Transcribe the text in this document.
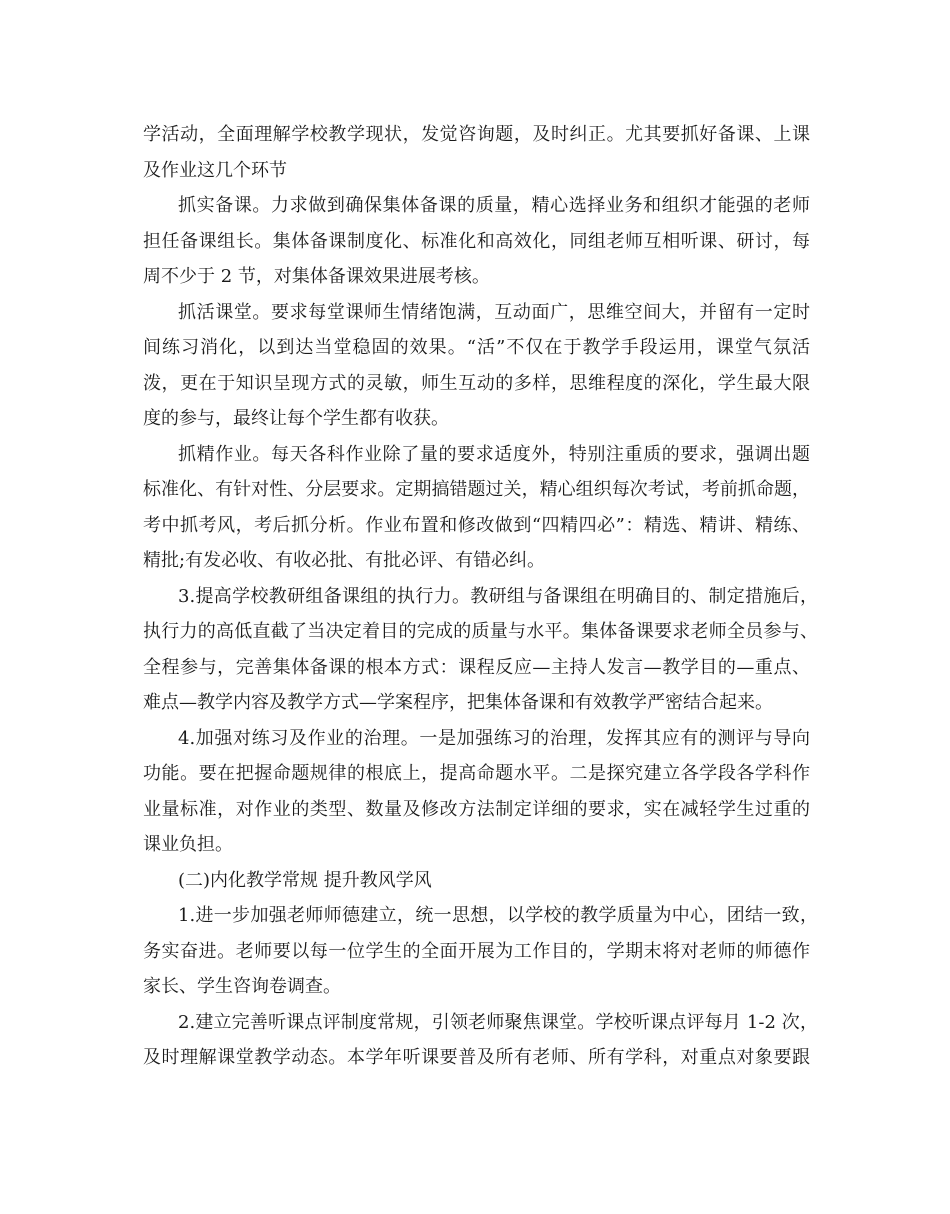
学活动，全面理解学校教学现状，发觉咨询题，及时纠正。尤其要抓好备课、上课
及作业这几个环节
抓实备课。力求做到确保集体备课的质量，精心选择业务和组织才能强的老师
担任备课组长。集体备课制度化、标准化和高效化，同组老师互相听课、研讨，每
周不少于 2 节，对集体备课效果进展考核。
抓活课堂。要求每堂课师生情绪饱满，互动面广，思维空间大，并留有一定时
间练习消化，以到达当堂稳固的效果。“活”不仅在于教学手段运用，课堂气氛活
泼，更在于知识呈现方式的灵敏，师生互动的多样，思维程度的深化，学生最大限
度的参与，最终让每个学生都有收获。
抓精作业。每天各科作业除了量的要求适度外，特别注重质的要求，强调出题
标准化、有针对性、分层要求。定期搞错题过关，精心组织每次考试，考前抓命题，
考中抓考风，考后抓分析。作业布置和修改做到“四精四必”：精选、精讲、精练、
精批;有发必收、有收必批、有批必评、有错必纠。
3.提高学校教研组备课组的执行力。教研组与备课组在明确目的、制定措施后，
执行力的高低直截了当决定着目的完成的质量与水平。集体备课要求老师全员参与、
全程参与，完善集体备课的根本方式：课程反应—主持人发言—教学目的—重点、
难点—教学内容及教学方式—学案程序，把集体备课和有效教学严密结合起来。
4.加强对练习及作业的治理。一是加强练习的治理，发挥其应有的测评与导向
功能。要在把握命题规律的根底上，提高命题水平。二是探究建立各学段各学科作
业量标准，对作业的类型、数量及修改方法制定详细的要求，实在减轻学生过重的
课业负担。
(二)内化教学常规 提升教风学风
1.进一步加强老师师德建立，统一思想，以学校的教学质量为中心，团结一致，
务实奋进。老师要以每一位学生的全面开展为工作目的，学期末将对老师的师德作
家长、学生咨询卷调查。
2.建立完善听课点评制度常规，引领老师聚焦课堂。学校听课点评每月 1-2 次，
及时理解课堂教学动态。本学年听课要普及所有老师、所有学科，对重点对象要跟
